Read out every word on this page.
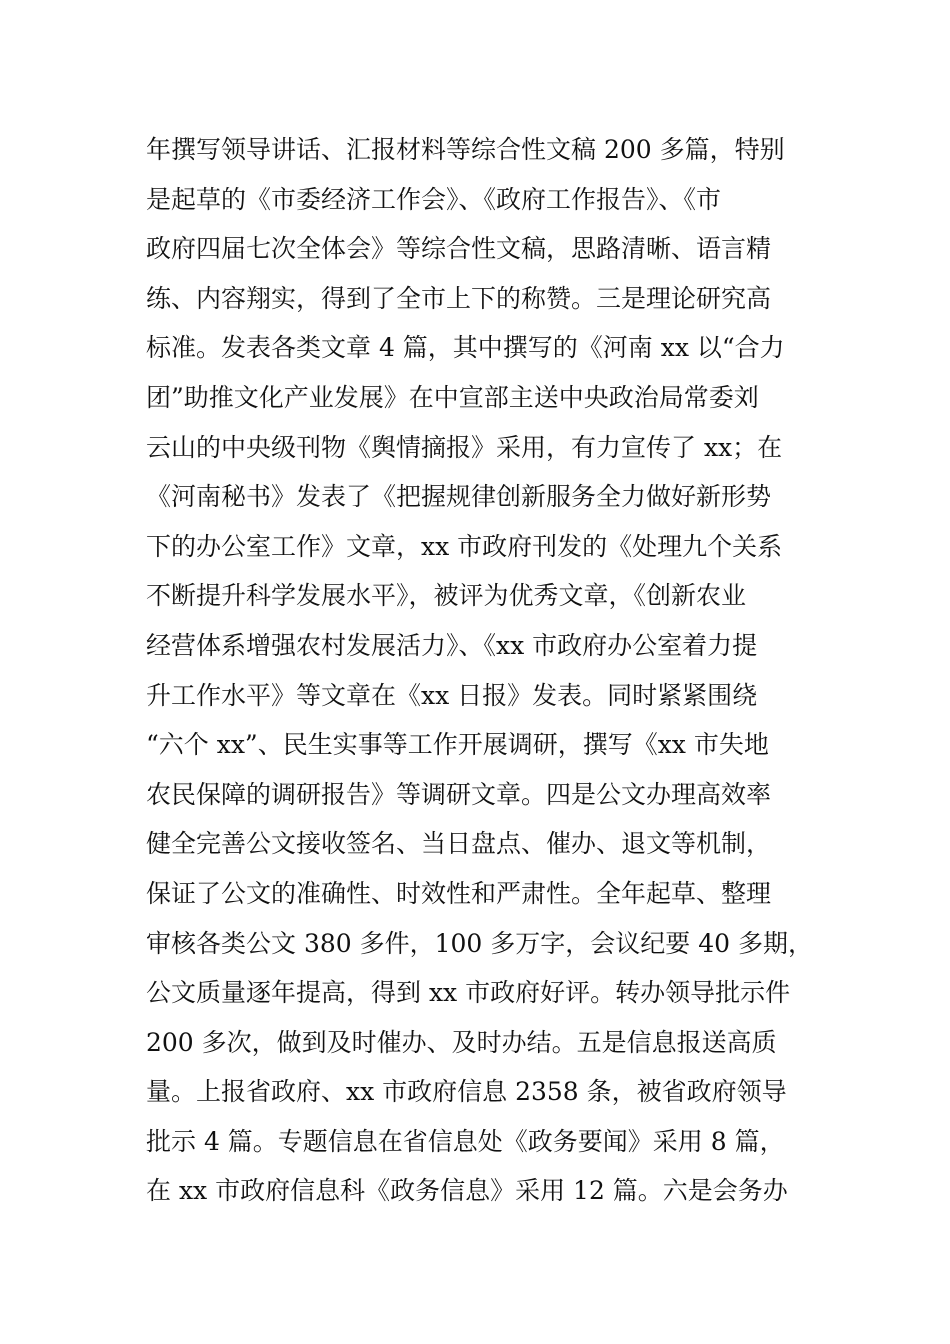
年撰写领导讲话、汇报材料等综合性文稿 200 多篇，特别
是起草的《市委经济工作会》、《政府工作报告》、《市
政府四届七次全体会》等综合性文稿，思路清晰、语言精
练、内容翔实，得到了全市上下的称赞。三是理论研究高
标准。发表各类文章 4 篇，其中撰写的《河南 xx 以“合力
团”助推文化产业发展》在中宣部主送中央政治局常委刘
云山的中央级刊物《舆情摘报》采用，有力宣传了 xx；在
《河南秘书》发表了《把握规律创新服务全力做好新形势
下的办公室工作》文章，xx 市政府刊发的《处理九个关系
不断提升科学发展水平》，被评为优秀文章，《创新农业
经营体系增强农村发展活力》、《xx 市政府办公室着力提
升工作水平》等文章在《xx 日报》发表。同时紧紧围绕
“六个 xx”、民生实事等工作开展调研，撰写《xx 市失地
农民保障的调研报告》等调研文章。四是公文办理高效率
健全完善公文接收签名、当日盘点、催办、退文等机制，
保证了公文的准确性、时效性和严肃性。全年起草、整理
审核各类公文 380 多件，100 多万字，会议纪要 40 多期，
公文质量逐年提高，得到 xx 市政府好评。转办领导批示件
200 多次，做到及时催办、及时办结。五是信息报送高质
量。上报省政府、xx 市政府信息 2358 条，被省政府领导
批示 4 篇。专题信息在省信息处《政务要闻》采用 8 篇，
在 xx 市政府信息科《政务信息》采用 12 篇。六是会务办
